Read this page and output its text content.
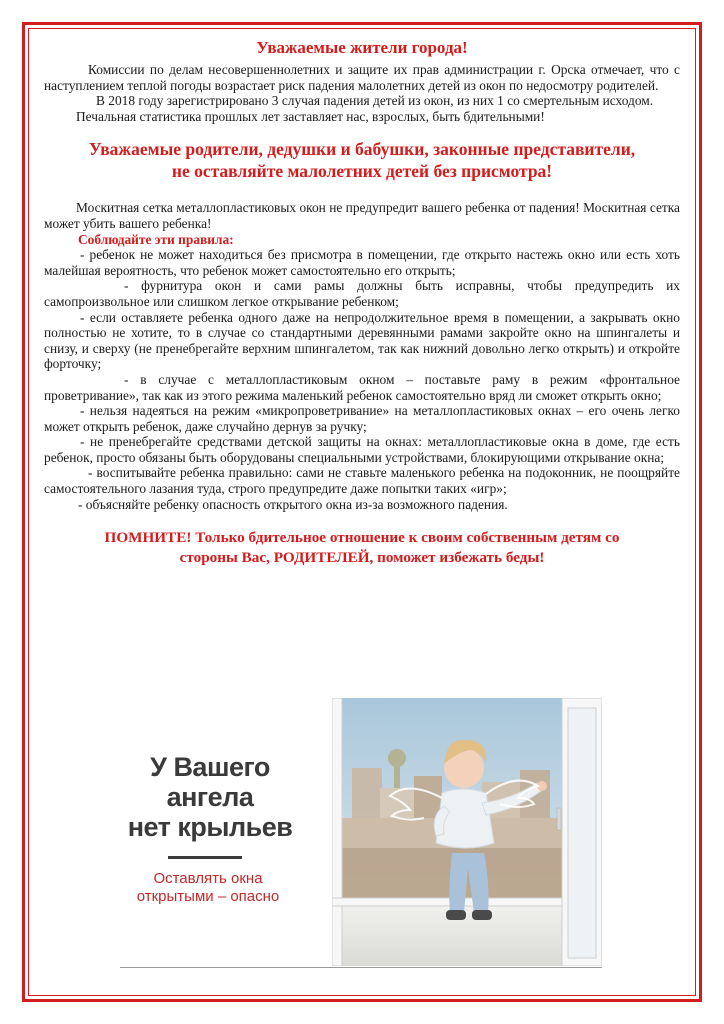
Уважаемые жители города!

Комиссии по делам несовершеннолетних и защите их прав администрации г. Орска отмечает, что с наступлением теплой погоды возрастает риск падения малолетних детей из окон по недосмотру родителей.

В 2018 году зарегистрировано 3 случая падения детей из окон, из них 1 со смертельным исходом.

Печальная статистика прошлых лет заставляет нас, взрослых, быть бдительными!

Уважаемые родители, дедушки и бабушки, законные представители,
не оставляйте малолетних детей без присмотра!

Москитная сетка металлопластиковых окон не предупредит вашего ребенка от падения! Москитная сетка может убить вашего ребенка!

Соблюдайте эти правила:

- ребенок не может находиться без присмотра в помещении, где открыто настежь окно или есть хоть малейшая вероятность, что ребенок может самостоятельно его открыть;

- фурнитура окон и сами рамы должны быть исправны, чтобы предупредить их самопроизвольное или слишком легкое открывание ребенком;

- если оставляете ребенка одного даже на непродолжительное время в помещении, а закрывать окно полностью не хотите, то в случае со стандартными деревянными рамами закройте окно на шпингалеты и снизу, и сверху (не пренебрегайте верхним шпингалетом, так как нижний довольно легко открыть) и откройте форточку;

- в случае с металлопластиковым окном – поставьте раму в режим «фронтальное проветривание», так как из этого режима маленький ребенок самостоятельно вряд ли сможет открыть окно;

- нельзя надеяться на режим «микропроветривание» на металлопластиковых окнах – его очень легко может открыть ребенок, даже случайно дернув за ручку;

- не пренебрегайте средствами детской защиты на окнах: металлопластиковые окна в доме, где есть ребенок, просто обязаны быть оборудованы специальными устройствами, блокирующими открывание окна;

- воспитывайте ребенка правильно: сами не ставьте маленького ребенка на подоконник, не поощряйте самостоятельного лазания туда, строго предупредите даже попытки таких «игр»;

- объясняйте ребенку опасность открытого окна из-за возможного падения.

ПОМНИТЕ! Только бдительное отношение к своим собственным детям со
стороны Вас, РОДИТЕЛЕЙ, поможет избежать беды!
У Вашего
ангела
нет крыльев
Оставлять окна
открытыми – опасно
